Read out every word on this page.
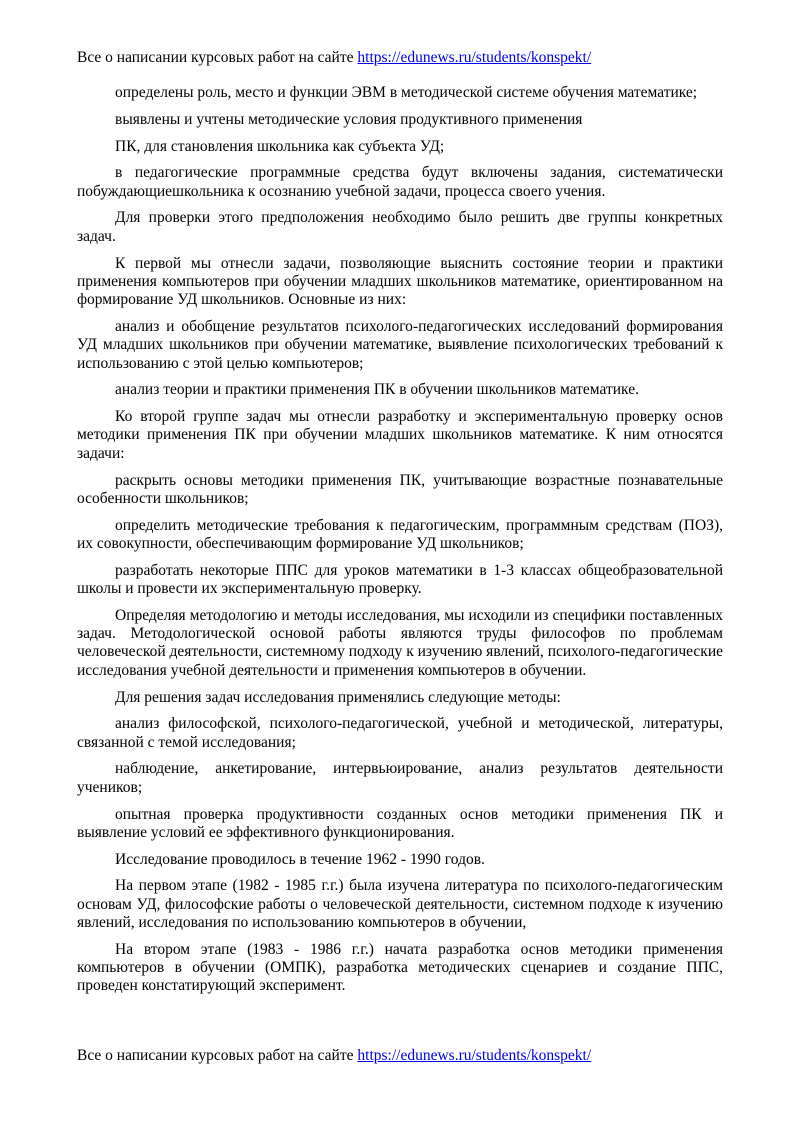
Все о написании курсовых работ на сайте https://edunews.ru/students/konspekt/

определены роль, место и функции ЭВМ в методической системе обучения математике;

выявлены и учтены методические условия продуктивного применения

ПК, для становления школьника как субъекта УД;

в педагогические программные средства будут включены задания, систематически побуждающиешкольника к осознанию учебной задачи, процесса своего учения.

Для проверки этого предположения необходимо было решить две группы конкретных задач.

К первой мы отнесли задачи, позволяющие выяснить состояние теории и практики применения компьютеров при обучении младших школьников математике, ориентированном на формирование УД школьников. Основные из них:

анализ и обобщение результатов психолого-педагогических исследований формирования УД младших школьников при обучении математике, выявление психологических требований к использованию с этой целью компьютеров;

анализ теории и практики применения ПК в обучении школьников математике.

Ко второй группе задач мы отнесли разработку и экспериментальную проверку основ методики применения ПК при обучении младших школьников математике. К ним относятся задачи:

раскрыть основы методики применения ПК, учитывающие возрастные познавательные особенности школьников;

определить методические требования к педагогическим, программным средствам (ПОЗ), их совокупности, обеспечивающим формирование УД школьников;

разработать некоторые ППС для уроков математики в 1-3 классах общеобразовательной школы и провести их экспериментальную проверку.

Определяя методологию и методы исследования, мы исходили из специфики поставленных задач. Методологической основой работы являются труды философов по проблемам человеческой деятельности, системному подходу к изучению явлений, психолого-педагогические исследования учебной деятельности и применения компьютеров в обучении.

Для решения задач исследования применялись следующие методы:

анализ философской, психолого-педагогической, учебной и методической, литературы, связанной с темой исследования;

наблюдение, анкетирование, интервьюирование, анализ результатов деятельности учеников;

опытная проверка продуктивности созданных основ методики применения ПК и выявление условий ее эффективного функционирования.

Исследование проводилось в течение 1962 - 1990 годов.

На первом этапе (1982 - 1985 г.г.) была изучена литература по психолого-педагогическим основам УД, философские работы о человеческой деятельности, системном подходе к изучению явлений, исследования по использованию компьютеров в обучении,

На втором этапе (1983 - 1986 г.г.) начата разработка основ методики применения компьютеров в обучении (ОМПК), разработка методических сценариев и создание ППС, проведен констатирующий эксперимент.

Все о написании курсовых работ на сайте https://edunews.ru/students/konspekt/
